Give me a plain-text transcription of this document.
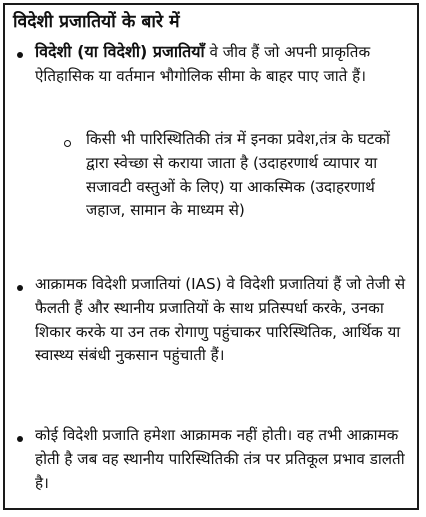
विदेशी प्रजातियों के बारे में
विदेशी (या विदेशी) प्रजातियाँ वे जीव हैं जो अपनी प्राकृतिक ऐतिहासिक या वर्तमान भौगोलिक सीमा के बाहर पाए जाते हैं।
किसी भी पारिस्थितिकी तंत्र में इनका प्रवेश,तंत्र के घटकों द्वारा स्वेच्छा से कराया जाता है (उदाहरणार्थ व्यापार या सजावटी वस्तुओं के लिए) या आकस्मिक (उदाहरणार्थ जहाज, सामान के माध्यम से)
आक्रामक विदेशी प्रजातियां (IAS) वे विदेशी प्रजातियां हैं जो तेजी से फैलती हैं और स्थानीय प्रजातियों के साथ प्रतिस्पर्धा करके, उनका शिकार करके या उन तक रोगाणु पहुंचाकर पारिस्थितिक, आर्थिक या स्वास्थ्य संबंधी नुकसान पहुंचाती हैं।
कोई विदेशी प्रजाति हमेशा आक्रामक नहीं होती। वह तभी आक्रामक होती है जब वह स्थानीय पारिस्थितिकी तंत्र पर प्रतिकूल प्रभाव डालती है।
